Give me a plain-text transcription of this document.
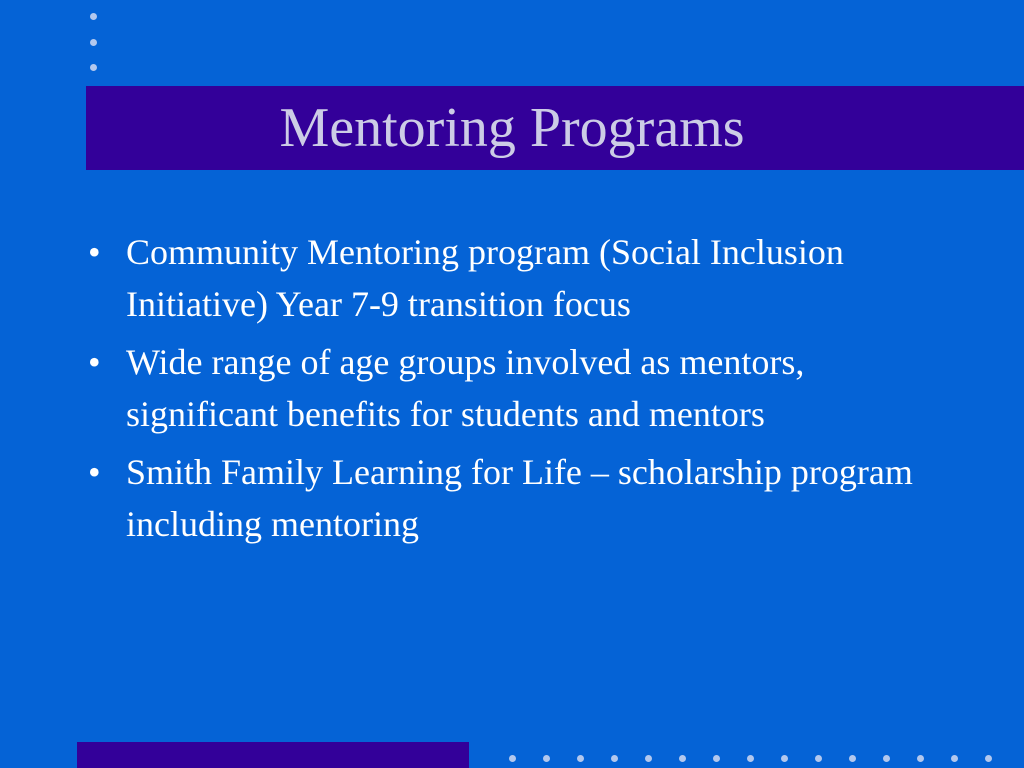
Mentoring Programs
• Community Mentoring program (Social Inclusion Initiative) Year 7-9 transition focus
• Wide range of age groups involved as mentors, significant benefits for students and mentors
• Smith Family Learning for Life – scholarship program including mentoring
